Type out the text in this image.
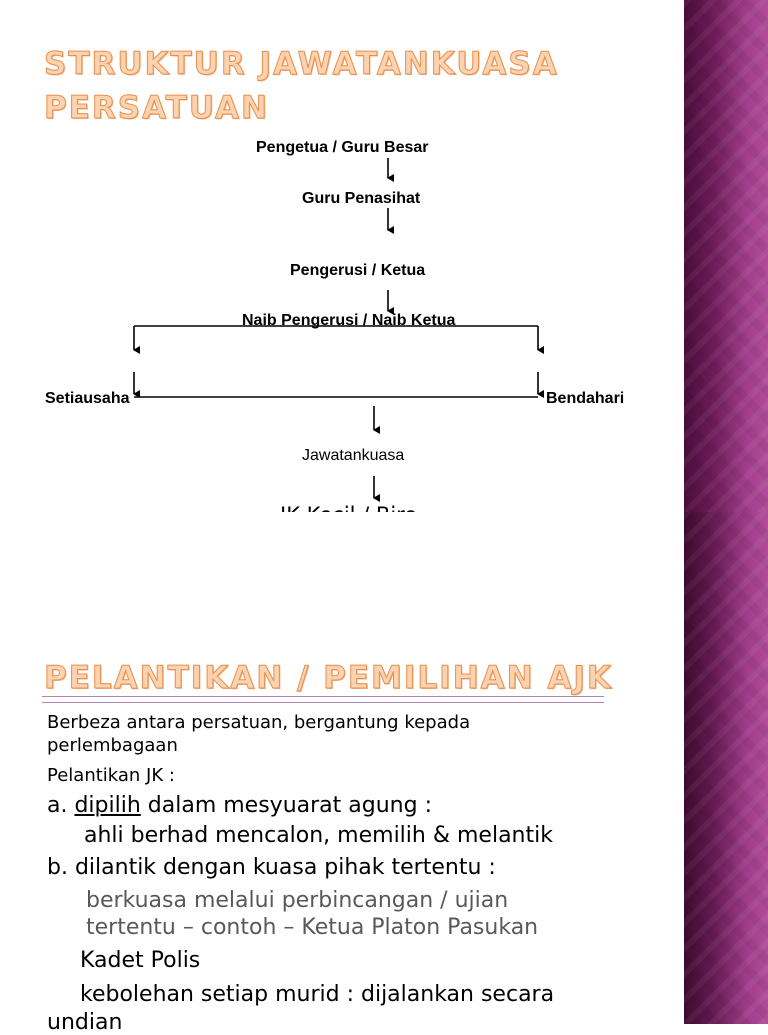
STRUKTUR JAWATANKUASA
PERSATUAN
Pengetua / Guru Besar
Guru Penasihat
Pengerusi / Ketua
Naib Pengerusi / Naib Ketua
Setiausaha	Bendahari
Jawatankuasa
PELANTIKAN / PEMILIHAN AJK
Berbeza antara persatuan, bergantung kepada
perlembagaan
Pelantikan JK :
a. dipilih dalam mesyuarat agung :
ahli berhad mencalon, memilih & melantik
b. dilantik dengan kuasa pihak tertentu :
berkuasa melalui perbincangan / ujian
tertentu – contoh – Ketua Platon Pasukan
Kadet Polis
kebolehan setiap murid : dijalankan secara
undian
